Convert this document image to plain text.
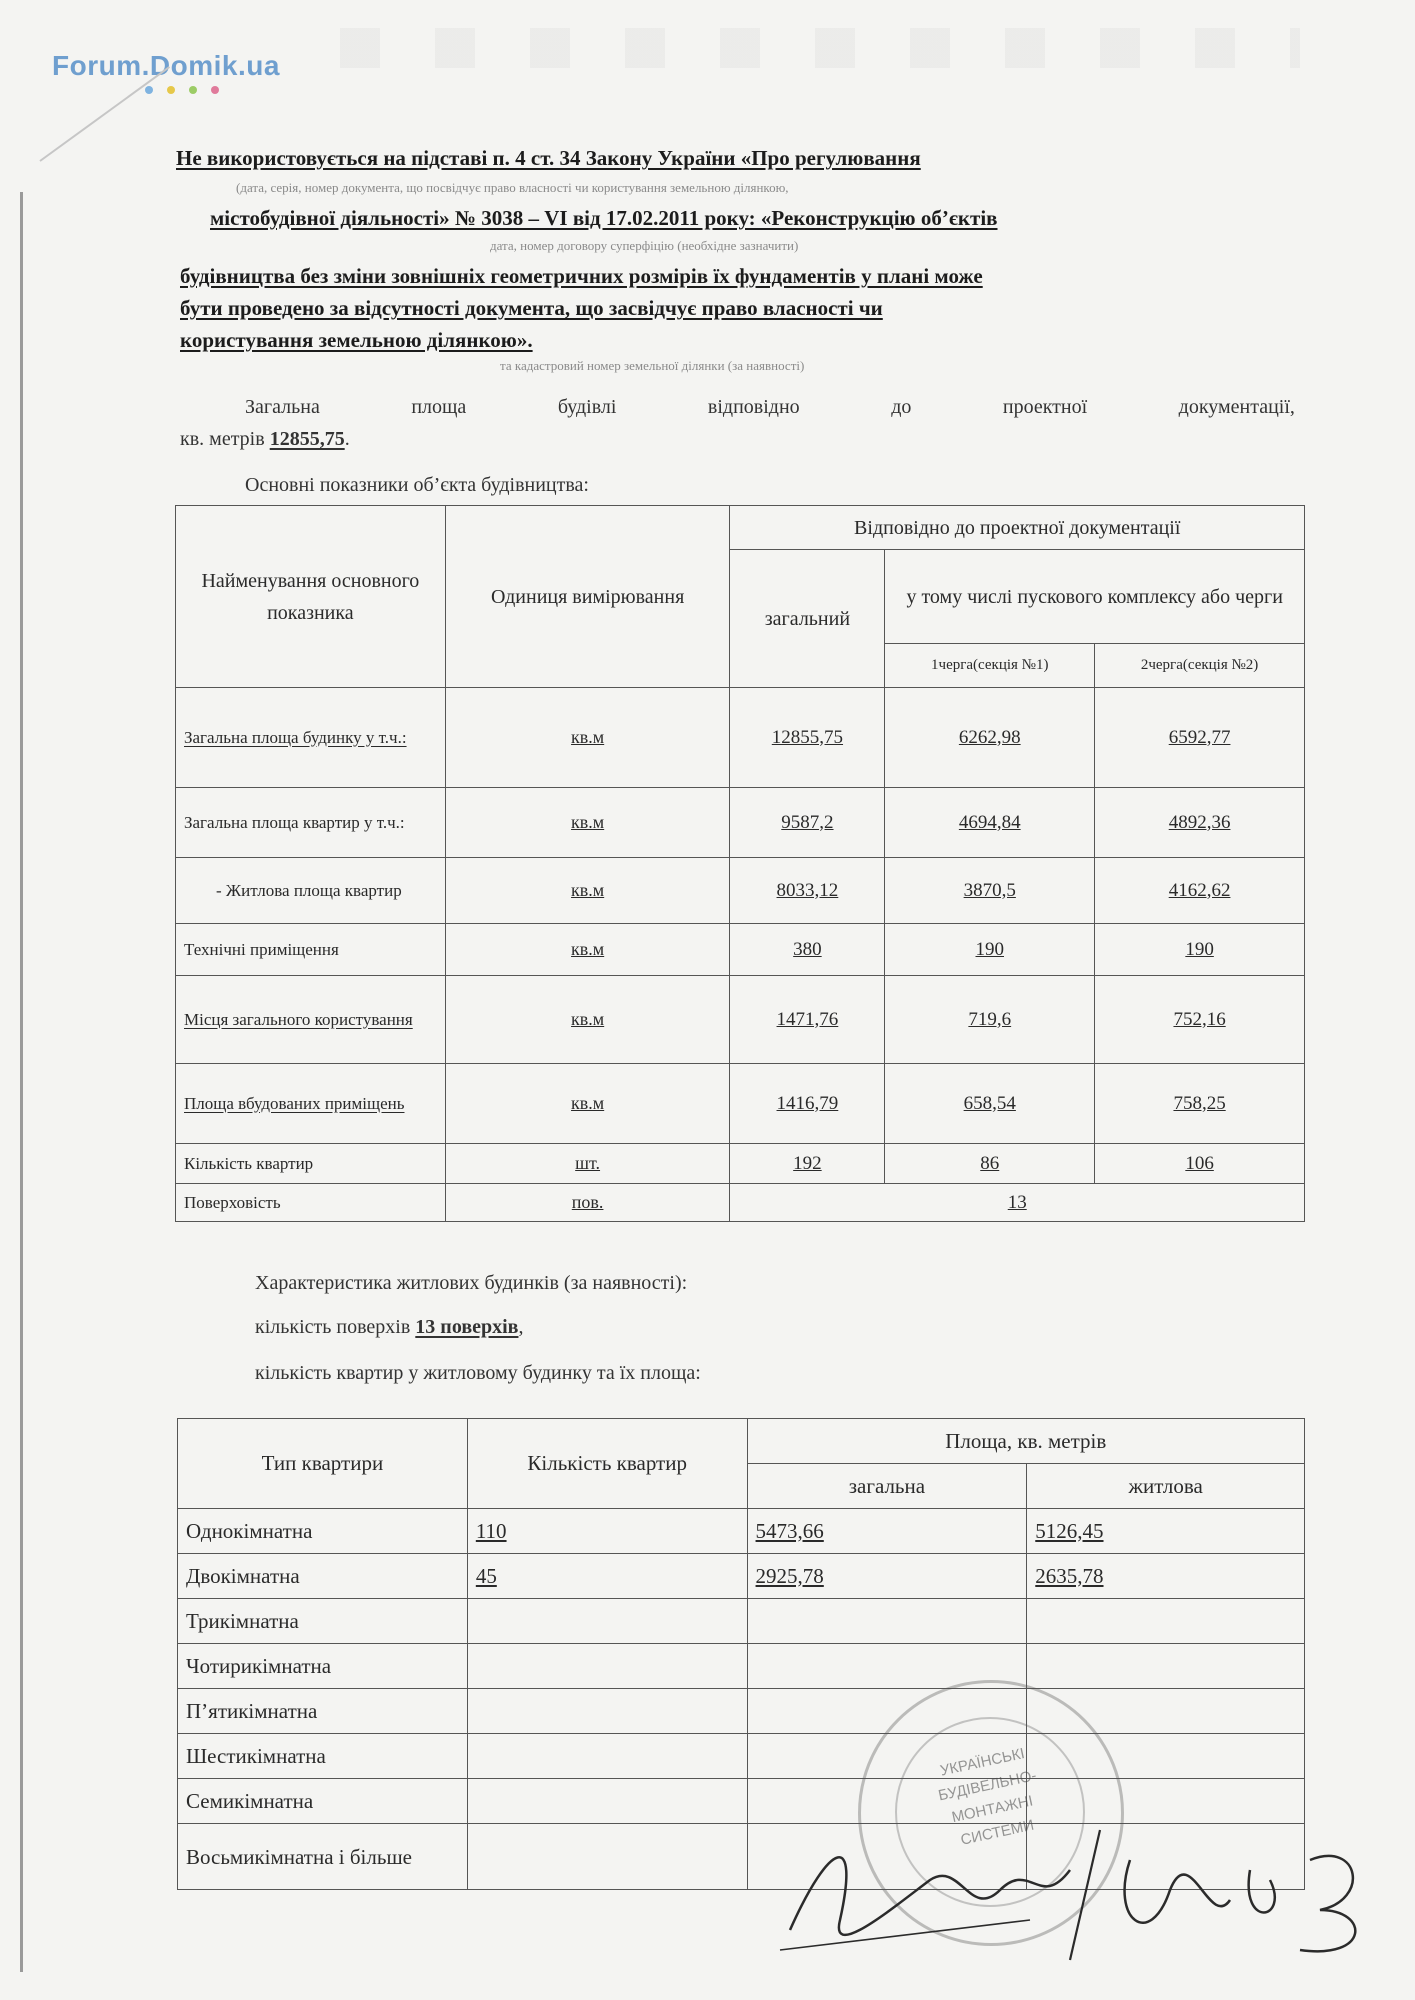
Forum.Domik.ua
Не використовується на підставі п. 4 ст. 34 Закону України «Про регулювання
(дата, серія, номер документа, що посвідчує право власності чи користування земельною ділянкою,
містобудівної діяльності» № 3038 – VI від 17.02.2011 року: «Реконструкцію об’єктів
дата, номер договору суперфіцію (необхідне зазначити)
будівництва без зміни зовнішніх геометричних розмірів їх фундаментів у плані може
бути проведено за відсутності документа, що засвідчує право власності чи
користування земельною ділянкою».
та кадастровий номер земельної ділянки (за наявності)
Загальна	площа	будівлі	відповідно	до	проектної	документації,
кв. метрів 12855,75.
Основні показники об’єкта будівництва:
Найменування основного показника	Одиниця вимірювання	Відповідно до проектної документації		
		загальний	у тому числі пускового комплексу або черги	
			1черга(секція №1)	2черга(секція №2)
Загальна площа будинку у т.ч.:	кв.м	12855,75	6262,98	6592,77
Загальна площа квартир у т.ч.:	кв.м	9587,2	4694,84	4892,36
- Житлова площа квартир	кв.м	8033,12	3870,5	4162,62
Технічні приміщення	кв.м	380	190	190
Місця загального користування	кв.м	1471,76	719,6	752,16
Площа вбудованих приміщень	кв.м	1416,79	658,54	758,25
Кількість квартир	шт.	192	86	106
Поверховість	пов.	13		
Характеристика житлових будинків (за наявності):
кількість поверхів 13 поверхів,
кількість квартир у житловому будинку та їх площа:
Тип квартири	Кількість квартир	Площа, кв. метрів	
		загальна	житлова
Однокімнатна	110	5473,66	5126,45
Двокімнатна	45	2925,78	2635,78
Трикімнатна			
Чотирикімнатна			
П’ятикімнатна			
Шестикімнатна			
Семикімнатна			
Восьмикімнатна і більше			
УКРАЇНСЬКІ БУДІВЕЛЬНО-МОНТАЖНІ СИСТЕМИ
